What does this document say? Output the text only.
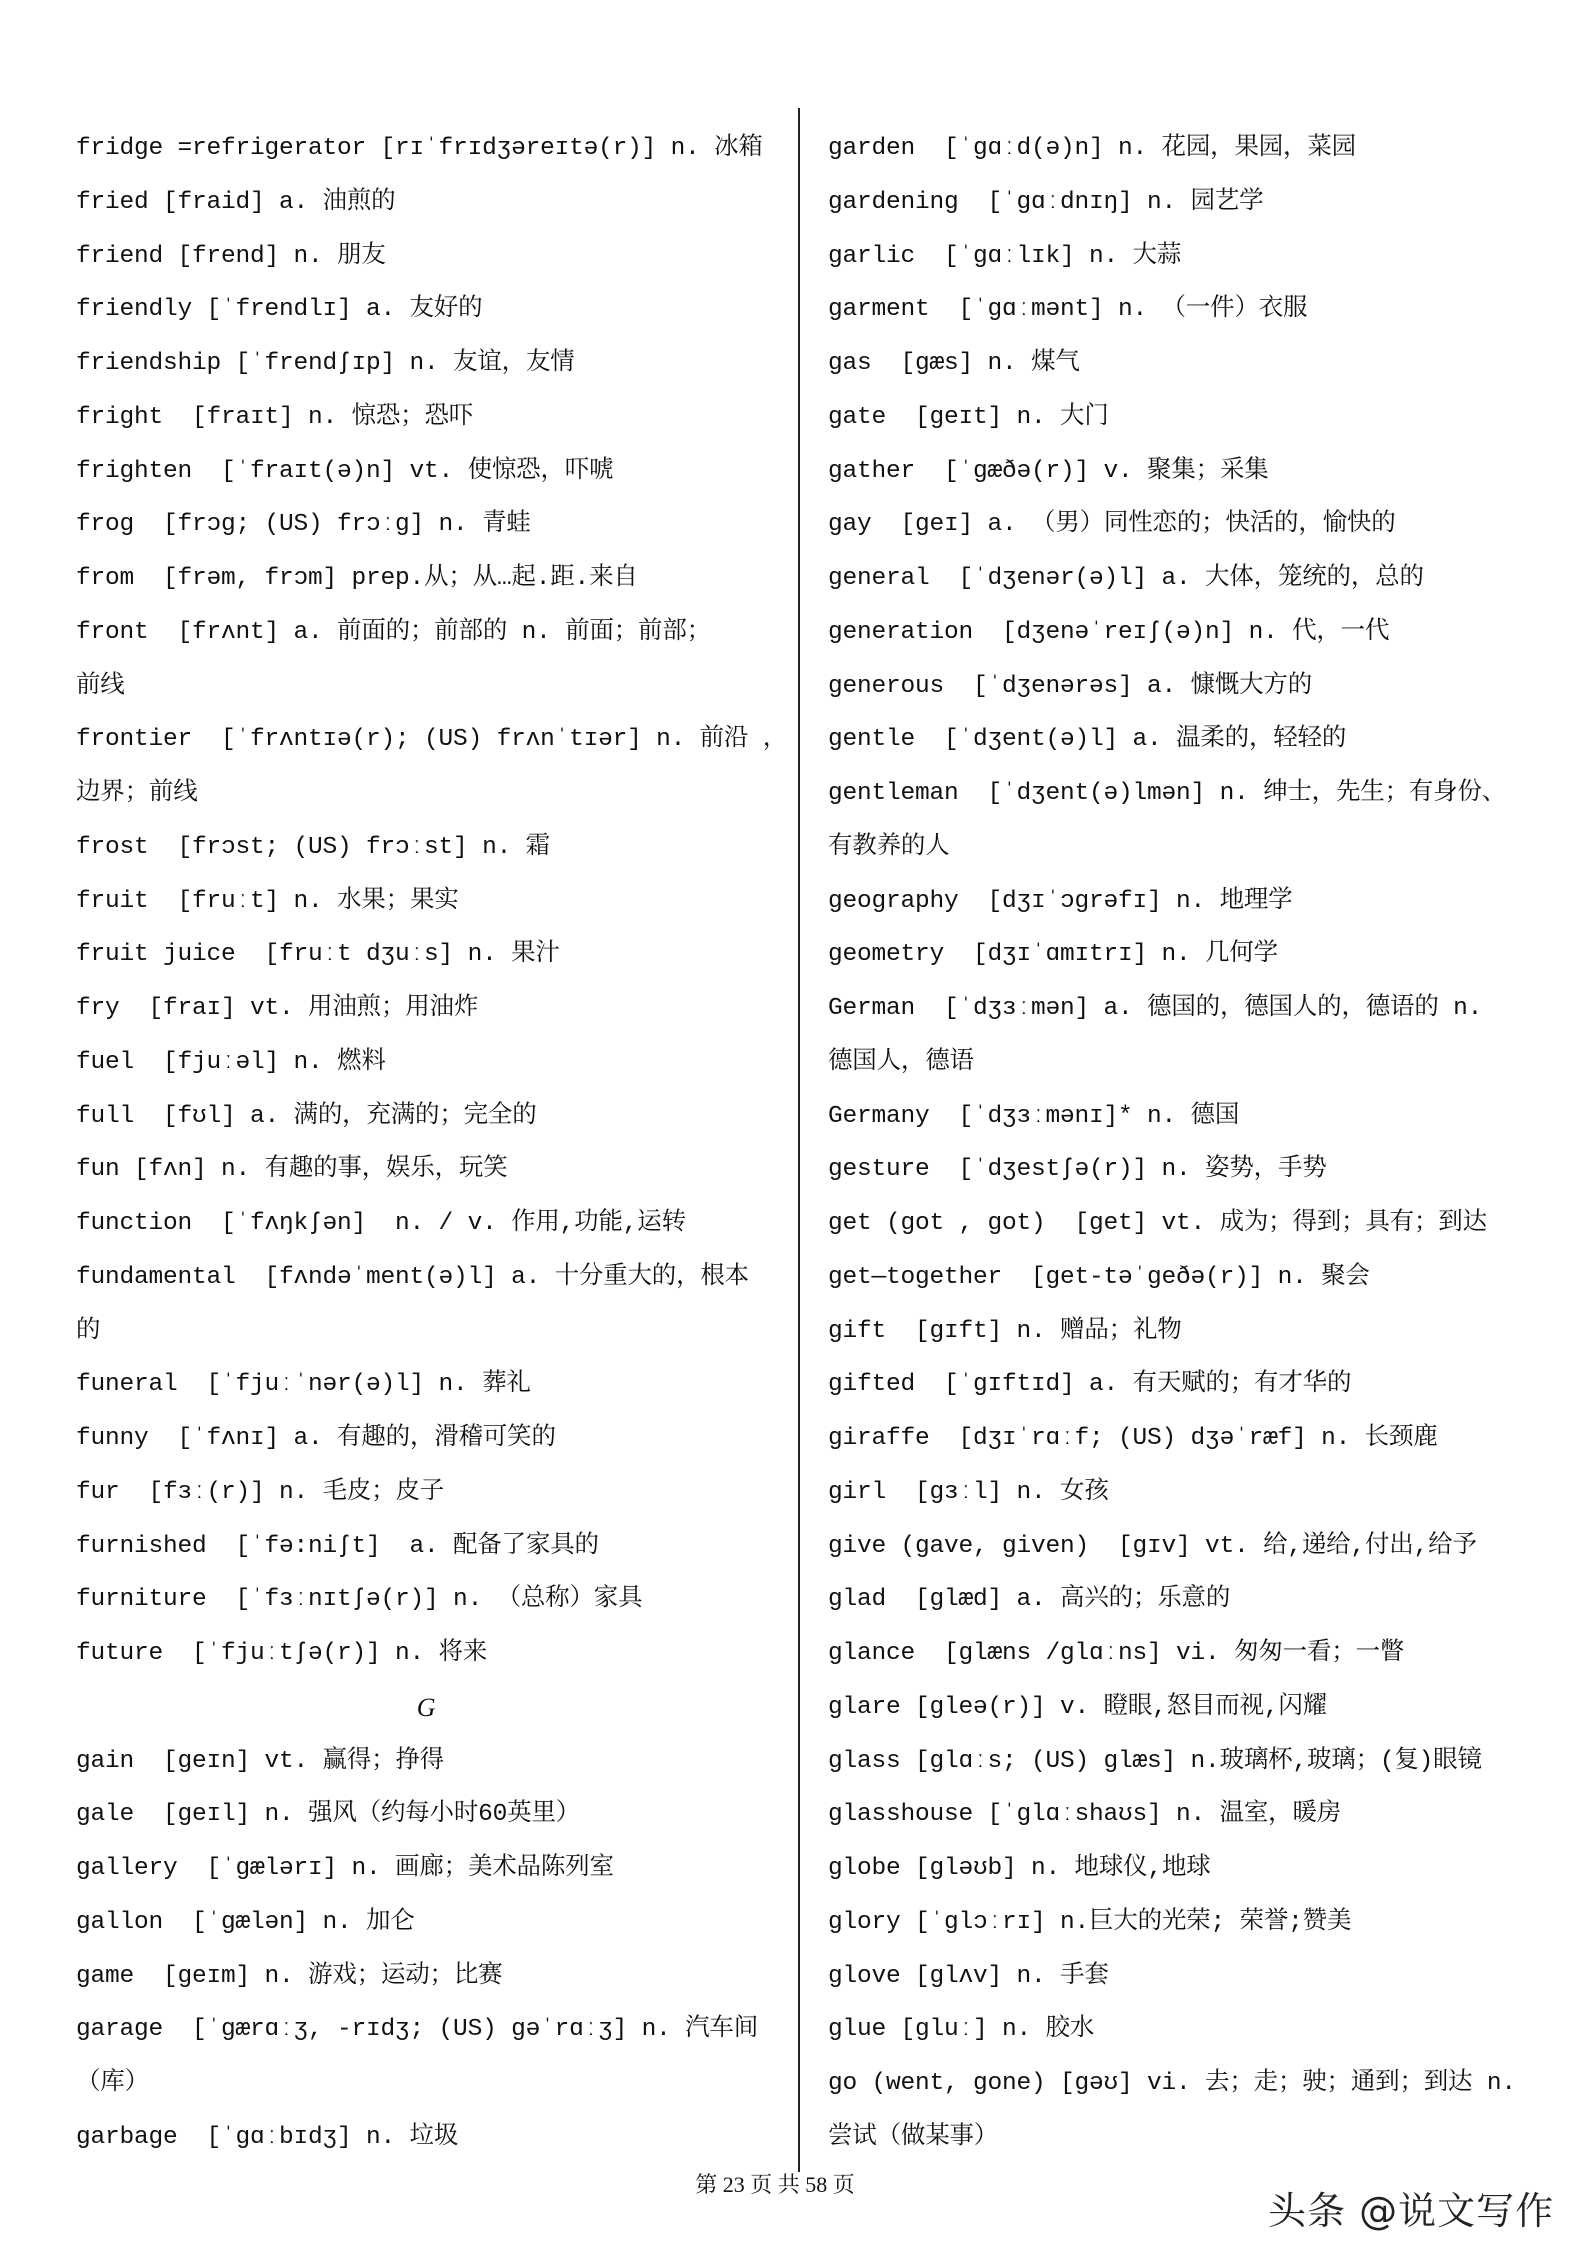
fridge =refrigerator [rɪˈfrɪdʒəreɪtə(r)] n. 冰箱
fried [fraid] a. 油煎的
friend [frend] n. 朋友
friendly [ˈfrendlɪ] a. 友好的
friendship [ˈfrendʃɪp] n. 友谊，友情
fright  [fraɪt] n. 惊恐；恐吓
frighten  [ˈfraɪt(ə)n] vt. 使惊恐，吓唬
frog  [frɔg; (US) frɔːg] n. 青蛙
from  [frəm, frɔm] prep.从；从…起.距.来自
front  [frʌnt] a. 前面的；前部的 n. 前面；前部；
前线
frontier  [ˈfrʌntɪə(r); (US) frʌnˈtɪər] n. 前沿 ，
边界；前线
frost  [frɔst; (US) frɔːst] n. 霜
fruit  [fruːt] n. 水果；果实
fruit juice  [fruːt dʒuːs] n. 果汁
fry  [fraɪ] vt. 用油煎；用油炸
fuel  [fjuːəl] n. 燃料
full  [fʊl] a. 满的，充满的；完全的
fun [fʌn] n. 有趣的事，娱乐，玩笑
function  [ˈfʌŋkʃən]  n. / v. 作用,功能,运转
fundamental  [fʌndəˈment(ə)l] a. 十分重大的，根本
的
funeral  [ˈfjuːˈnər(ə)l] n. 葬礼
funny  [ˈfʌnɪ] a. 有趣的，滑稽可笑的
fur  [fɜː(r)] n. 毛皮；皮子
furnished  [ˈfə:niʃt]  a. 配备了家具的
furniture  [ˈfɜːnɪtʃə(r)] n. （总称）家具
future  [ˈfjuːtʃə(r)] n. 将来
G
gain  [geɪn] vt. 赢得；挣得
gale  [geɪl] n. 强风（约每小时60英里）
gallery  [ˈgælərɪ] n. 画廊；美术品陈列室
gallon  [ˈgælən] n. 加仑
game  [geɪm] n. 游戏；运动；比赛
garage  [ˈgærɑːʒ, -rɪdʒ; (US) gəˈrɑːʒ] n. 汽车间
（库）
garbage  [ˈgɑːbɪdʒ] n. 垃圾
garden  [ˈgɑːd(ə)n] n. 花园，果园，菜园
gardening  [ˈgɑːdnɪŋ] n. 园艺学
garlic  [ˈgɑːlɪk] n. 大蒜
garment  [ˈgɑːmənt] n. （一件）衣服
gas  [gæs] n. 煤气
gate  [geɪt] n. 大门
gather  [ˈgæðə(r)] v. 聚集；采集
gay  [geɪ] a. （男）同性恋的；快活的，愉快的
general  [ˈdʒenər(ə)l] a. 大体，笼统的，总的
generation  [dʒenəˈreɪʃ(ə)n] n. 代，一代
generous  [ˈdʒenərəs] a. 慷慨大方的
gentle  [ˈdʒent(ə)l] a. 温柔的，轻轻的
gentleman  [ˈdʒent(ə)lmən] n. 绅士，先生；有身份、
有教养的人
geography  [dʒɪˈɔgrəfɪ] n. 地理学
geometry  [dʒɪˈɑmɪtrɪ] n. 几何学
German  [ˈdʒɜːmən] a. 德国的，德国人的，德语的 n.
德国人，德语
Germany  [ˈdʒɜːmənɪ]* n. 德国
gesture  [ˈdʒestʃə(r)] n. 姿势，手势
get (got , got)  [get] vt. 成为；得到；具有；到达
get—together  [get-təˈgeðə(r)] n. 聚会
gift  [gɪft] n. 赠品；礼物
gifted  [ˈgɪftɪd] a. 有天赋的；有才华的
giraffe  [dʒɪˈrɑːf; (US) dʒəˈræf] n. 长颈鹿
girl  [gɜːl] n. 女孩
give (gave, given)  [gɪv] vt. 给,递给,付出,给予
glad  [glæd] a. 高兴的；乐意的
glance  [glæns /glɑːns] vi. 匆匆一看；一瞥
glare [gleə(r)] v. 瞪眼,怒目而视,闪耀
glass [glɑːs; (US) glæs] n.玻璃杯,玻璃；(复)眼镜
glasshouse [ˈglɑːshaʊs] n. 温室，暖房
globe [gləʊb] n. 地球仪,地球
glory [ˈglɔːrɪ] n.巨大的光荣; 荣誉;赞美
glove [glʌv] n. 手套
glue [gluː] n. 胶水
go (went, gone) [gəʊ] vi. 去；走；驶；通到；到达 n.
尝试（做某事）
第 23 页 共 58 页
头条 @说文写作
